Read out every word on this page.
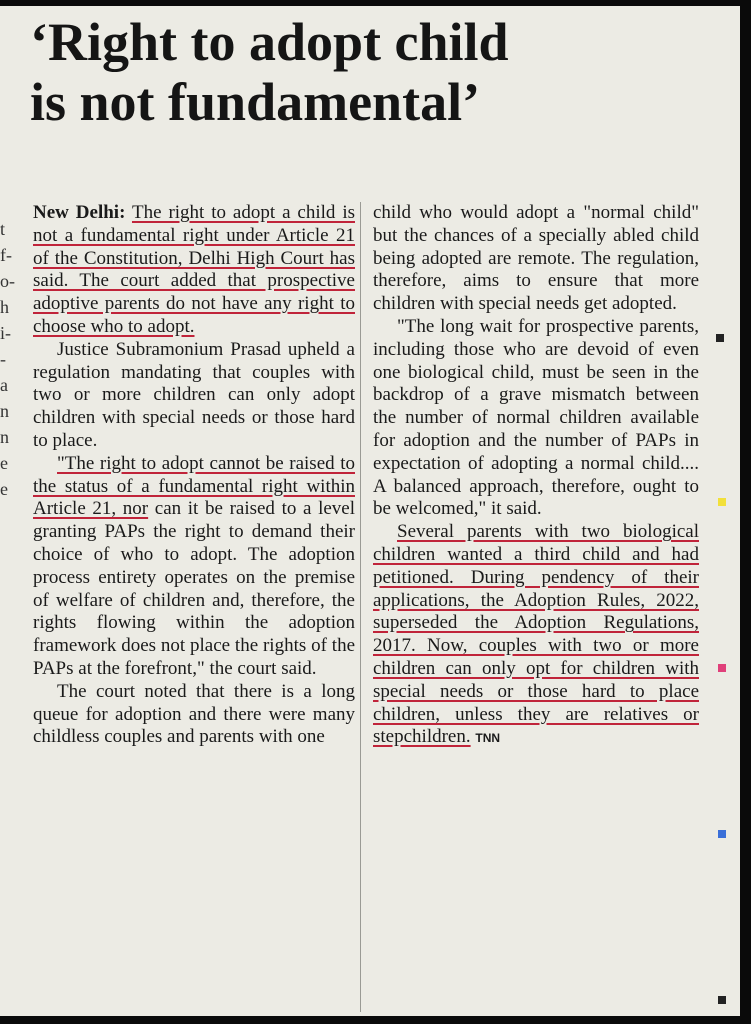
‘Right to adopt child
is not fundamental’
t
f-
o-
h
i-
-
a
n
n
e
e

New Delhi: The right to adopt a child is not a fundamental right under Article 21 of the Constitution, Delhi High Court has said. The court added that prospective adoptive parents do not have any right to choose who to adopt.

Justice Subramonium Prasad upheld a regulation mandating that couples with two or more children can only adopt children with special needs or those hard to place.

"The right to adopt cannot be raised to the status of a fundamental right within Article 21, nor can it be raised to a level granting PAPs the right to demand their choice of who to adopt. The adoption process entirety operates on the premise of welfare of children and, therefore, the rights flowing within the adoption framework does not place the rights of the PAPs at the forefront," the court said.

The court noted that there is a long queue for adoption and there were many childless couples and parents with one

child who would adopt a "normal child" but the chances of a specially abled child being adopted are remote. The regulation, therefore, aims to ensure that more children with special needs get adopted.

"The long wait for prospective parents, including those who are devoid of even one biological child, must be seen in the backdrop of a grave mismatch between the number of normal children available for adoption and the number of PAPs in expectation of adopting a normal child.... A balanced approach, therefore, ought to be welcomed," it said.

Several parents with two biological children wanted a third child and had petitioned. During pendency of their applications, the Adoption Rules, 2022, superseded the Adoption Regulations, 2017. Now, couples with two or more children can only opt for children with special needs or those hard to place children, unless they are relatives or stepchildren. TNN
